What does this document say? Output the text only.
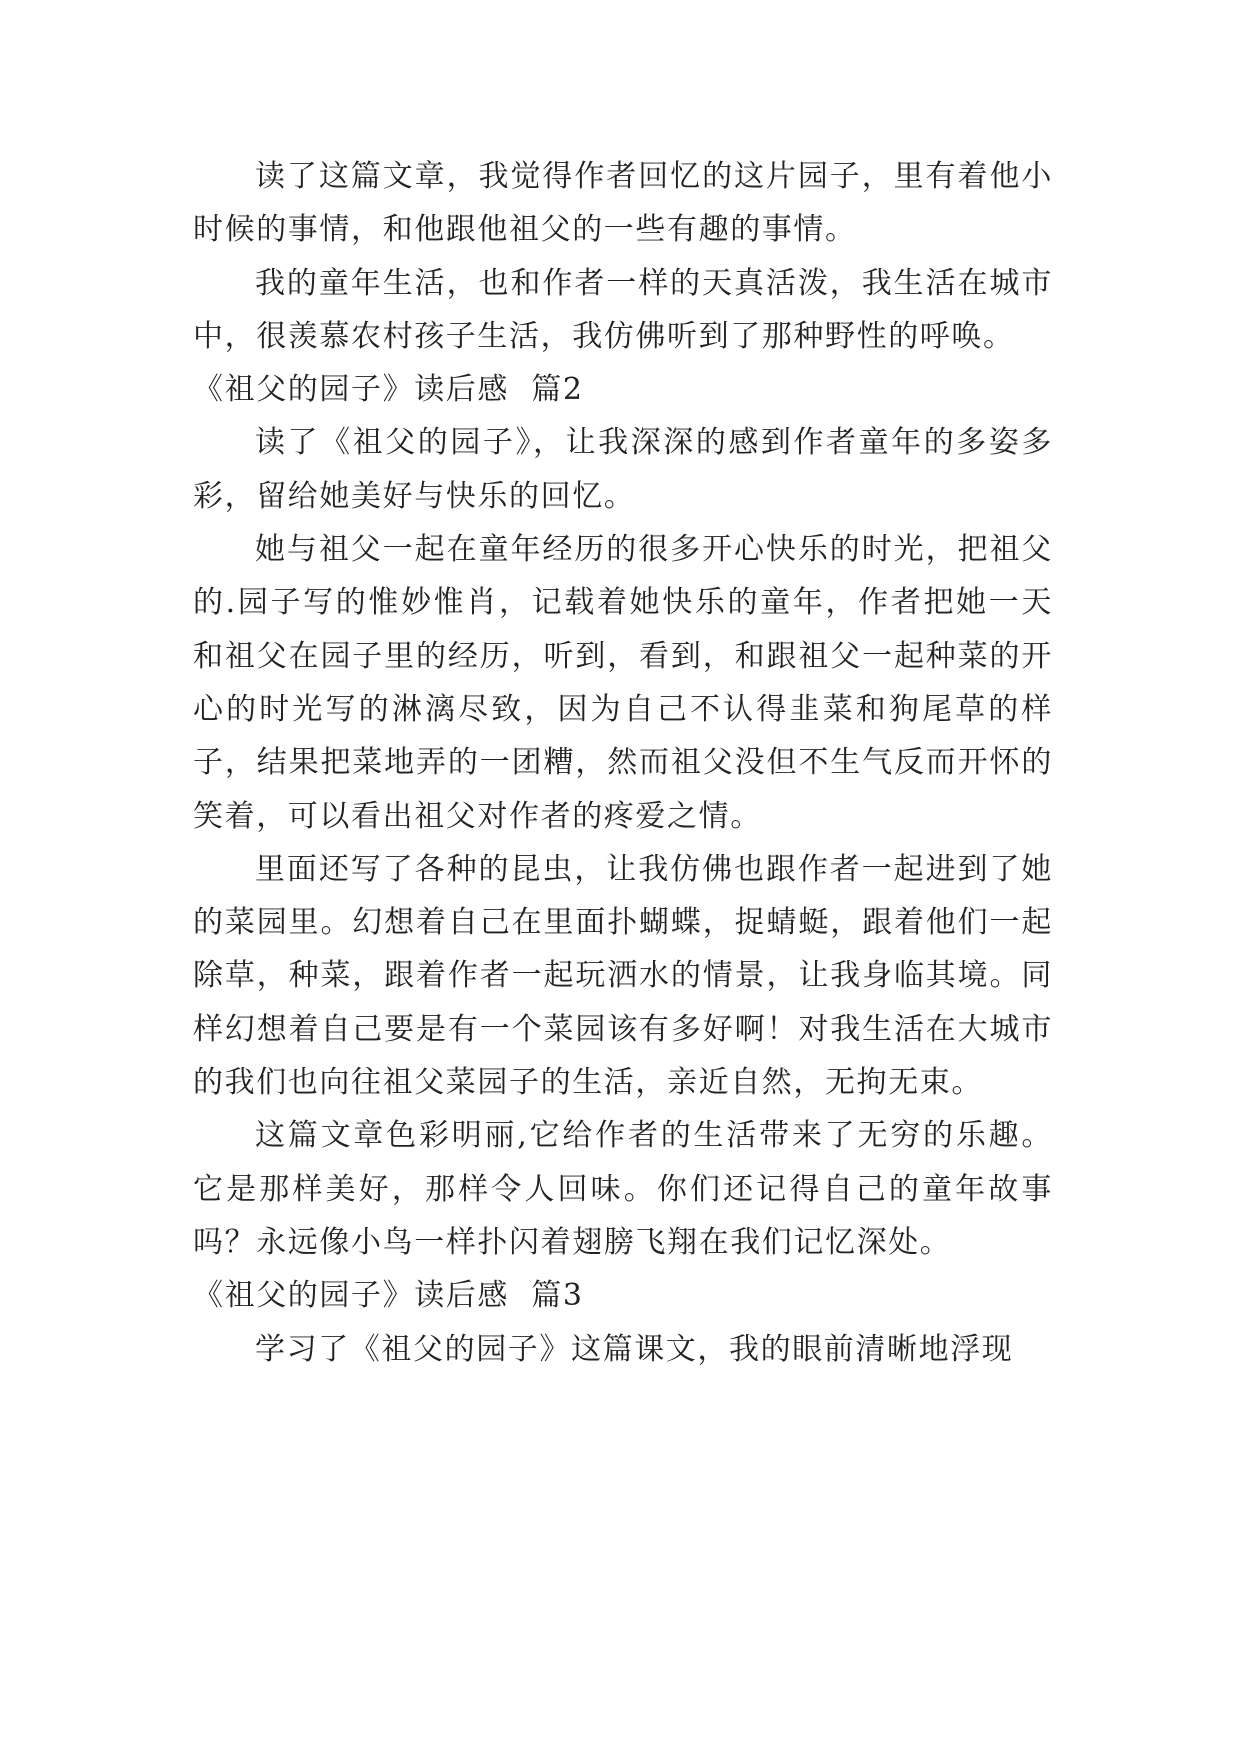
读了这篇文章，我觉得作者回忆的这片园子，里有着他小时候的事情，和他跟他祖父的一些有趣的事情。

我的童年生活，也和作者一样的天真活泼，我生活在城市中，很羡慕农村孩子生活，我仿佛听到了那种野性的呼唤。

《祖父的园子》读后感  篇2

读了《祖父的园子》，让我深深的感到作者童年的多姿多彩，留给她美好与快乐的回忆。

她与祖父一起在童年经历的很多开心快乐的时光，把祖父的.园子写的惟妙惟肖，记载着她快乐的童年，作者把她一天和祖父在园子里的经历，听到，看到，和跟祖父一起种菜的开心的时光写的淋漓尽致，因为自己不认得韭菜和狗尾草的样子，结果把菜地弄的一团糟，然而祖父没但不生气反而开怀的笑着，可以看出祖父对作者的疼爱之情。

里面还写了各种的昆虫，让我仿佛也跟作者一起进到了她的菜园里。幻想着自己在里面扑蝴蝶，捉蜻蜓，跟着他们一起除草，种菜，跟着作者一起玩洒水的情景，让我身临其境。同样幻想着自己要是有一个菜园该有多好啊！对我生活在大城市的我们也向往祖父菜园子的生活，亲近自然，无拘无束。

这篇文章色彩明丽,它给作者的生活带来了无穷的乐趣。它是那样美好，那样令人回味。你们还记得自己的童年故事吗？永远像小鸟一样扑闪着翅膀飞翔在我们记忆深处。

《祖父的园子》读后感  篇3

学习了《祖父的园子》这篇课文，我的眼前清晰地浮现
